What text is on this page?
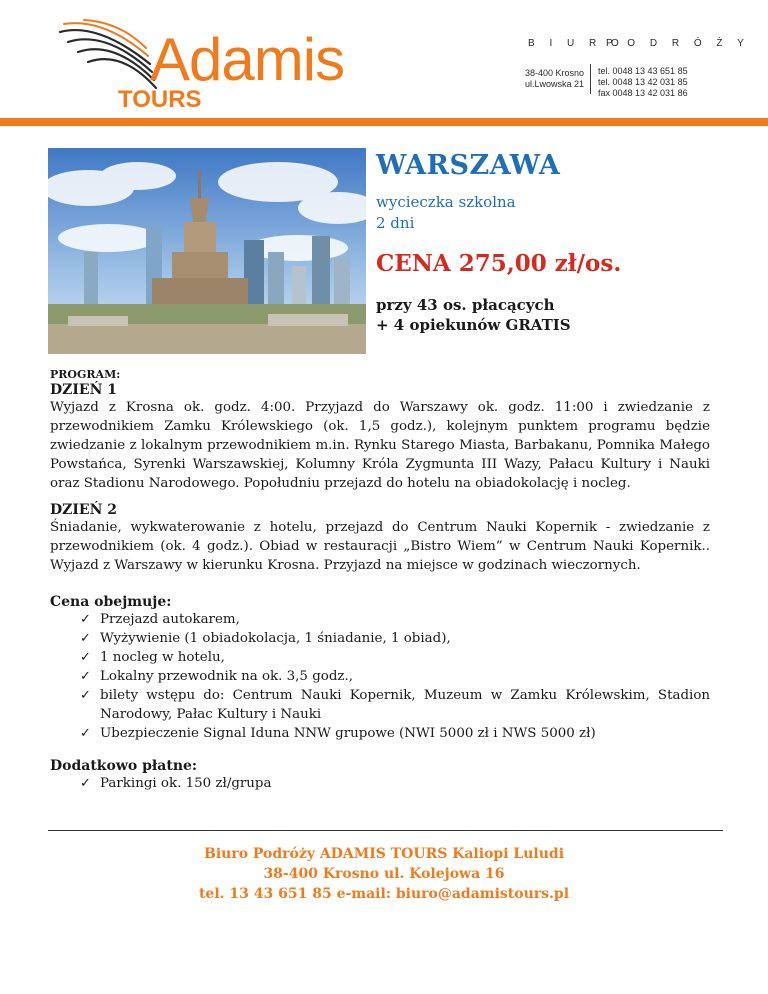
Adamis
TOURS
B I U R O
P O D R Ó Ż Y
38-400 Krosno
ul.Lwowska 21
tel. 0048 13 43 651 85
tel. 0048 13 42 031 85
fax 0048 13 42 031 86
WARSZAWA
wycieczka szkolna
2 dni
CENA 275,00 zł/os.
przy 43 os. płacących
+ 4 opiekunów GRATIS
PROGRAM:
DZIEŃ 1

Wyjazd z Krosna ok. godz. 4:00. Przyjazd do Warszawy ok. godz. 11:00 i zwiedzanie z przewodnikiem Zamku Królewskiego (ok. 1,5 godz.), kolejnym punktem programu będzie zwiedzanie z lokalnym przewodnikiem m.in. Rynku Starego Miasta, Barbakanu, Pomnika Małego Powstańca, Syrenki Warszawskiej, Kolumny Króla Zygmunta III Wazy, Pałacu Kultury i Nauki oraz Stadionu Narodowego. Popołudniu przejazd do hotelu na obiadokolację i nocleg.

DZIEŃ 2

Śniadanie, wykwaterowanie z hotelu, przejazd do Centrum Nauki Kopernik - zwiedzanie z przewodnikiem (ok. 4 godz.). Obiad w restauracji „Bistro Wiem” w Centrum Nauki Kopernik.. Wyjazd z Warszawy w kierunku Krosna. Przyjazd na miejsce w godzinach wieczornych.

Cena obejmuje:
✓ Przejazd autokarem,
✓ Wyżywienie (1 obiadokolacja, 1 śniadanie, 1 obiad),
✓ 1 nocleg w hotelu,
✓ Lokalny przewodnik na ok. 3,5 godz.,
✓ bilety wstępu do: Centrum Nauki Kopernik, Muzeum w Zamku Królewskim, Stadion Narodowy, Pałac Kultury i Nauki
✓ Ubezpieczenie Signal Iduna NNW grupowe (NWI 5000 zł i NWS 5000 zł)
Dodatkowo płatne:
✓ Parkingi ok. 150 zł/grupa
Biuro Podróży ADAMIS TOURS Kaliopi Luludi
38-400 Krosno ul. Kolejowa 16
tel. 13 43 651 85 e-mail: biuro@adamistours.pl
